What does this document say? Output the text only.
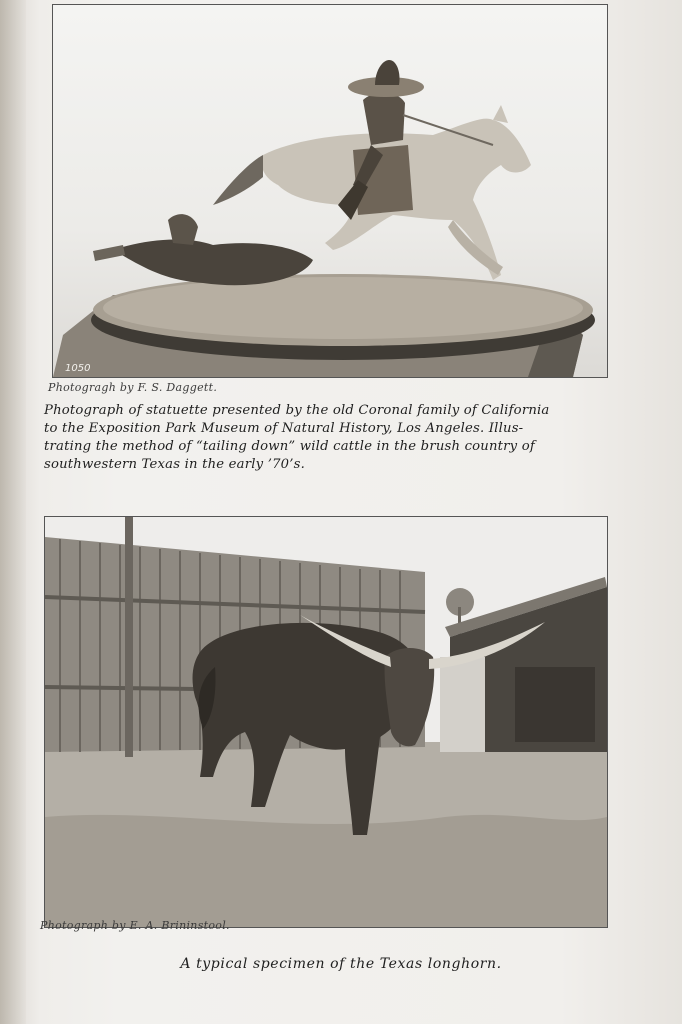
1050
Photogragh by F. S. Daggett.
Photograph of statuette presented by the old Coronal family of California
to the Exposition Park Museum of Natural History, Los Angeles. Illus-
trating the method of “tailing down” wild cattle in the brush country of
southwestern Texas in the early ’70’s.
Photograph by E. A. Brininstool.
A typical specimen of the Texas longhorn.
